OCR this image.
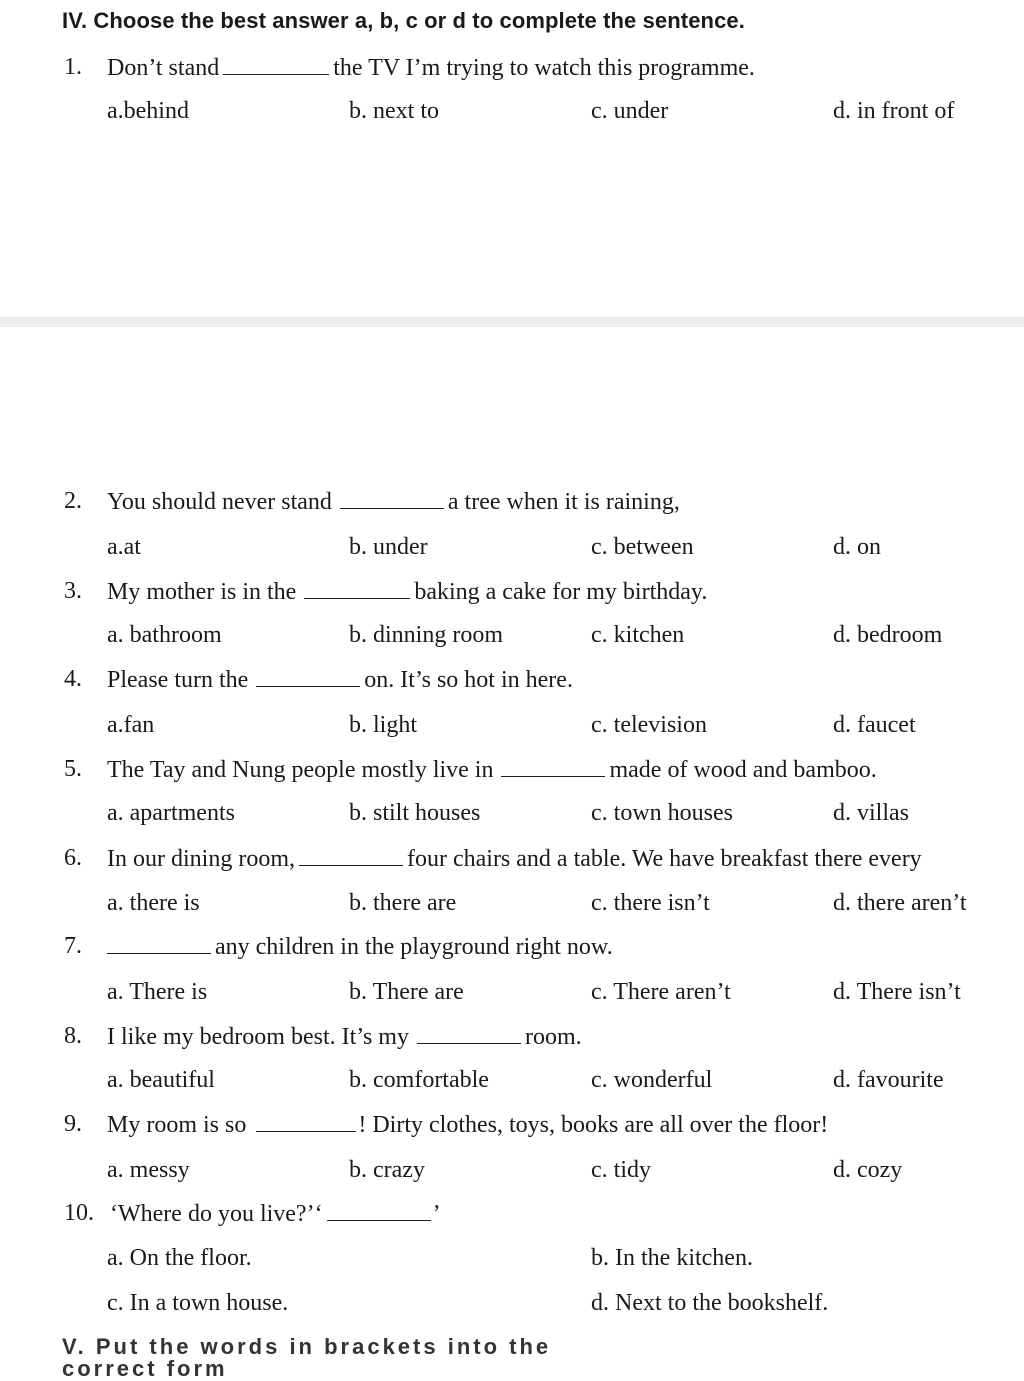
IV. Choose the best answer a, b, c or d to complete the sentence.
1. Don’t stand	the TV I’m trying to watch this programme.
a.behind	b. next to	c. under	d. in front of
2. You should never stand	a tree when it is raining,
a.at	b. under	c. between	d. on
3. My mother is in the	baking a cake for my birthday.
a. bathroom	b. dinning room	c. kitchen	d. bedroom
4. Please turn the	on. It’s so hot in here.
a.fan	b. light	c. television	d. faucet
5. The Tay and Nung people mostly live in	made of wood and bamboo.
a. apartments	b. stilt houses	c. town houses	d. villas
6. In our dining room,	four chairs and a table. We have breakfast there every
a. there is	b. there are	c. there isn’t	d. there aren’t
7.	any children in the playground right now.
a. There is	b. There are	c. There aren’t	d. There isn’t
8. I like my bedroom best. It’s my	room.
a. beautiful	b. comfortable	c. wonderful	d. favourite
9. My room is so	! Dirty clothes, toys, books are all over the floor!
a. messy	b. crazy	c. tidy	d. cozy
10. ‘Where do you live?’‘	’
a. On the floor.	b. In the kitchen.
c. In a town house.	d. Next to the bookshelf.
V. Put the words in brackets into the correct form
